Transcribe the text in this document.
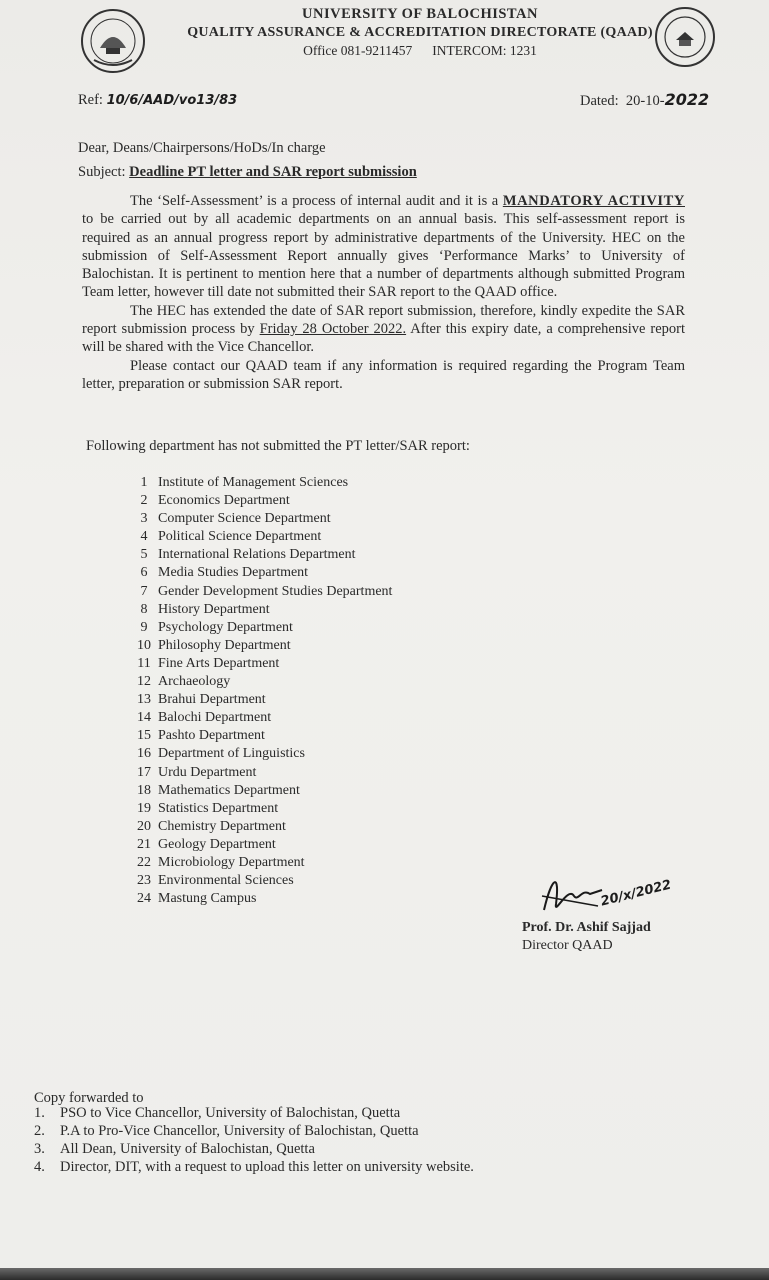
UNIVERSITY OF BALOCHISTAN
QUALITY ASSURANCE & ACCREDITATION DIRECTORATE (QAAD)
Office 081-9211457 INTERCOM: 1231
Ref: 10/6/AAD/vo13/83	Dated: 20-10-2022
Dear, Deans/Chairpersons/HoDs/In charge
Subject: Deadline PT letter and SAR report submission

The ‘Self-Assessment’ is a process of internal audit and it is a MANDATORY ACTIVITY to be carried out by all academic departments on an annual basis. This self-assessment report is required as an annual progress report by administrative departments of the University. HEC on the submission of Self-Assessment Report annually gives ‘Performance Marks’ to University of Balochistan. It is pertinent to mention here that a number of departments although submitted Program Team letter, however till date not submitted their SAR report to the QAAD office.

The HEC has extended the date of SAR report submission, therefore, kindly expedite the SAR report submission process by Friday 28 October 2022. After this expiry date, a comprehensive report will be shared with the Vice Chancellor.

Please contact our QAAD team if any information is required regarding the Program Team letter, preparation or submission SAR report.

Following department has not submitted the PT letter/SAR report:
1 Institute of Management Sciences
2 Economics Department
3 Computer Science Department
4 Political Science Department
5 International Relations Department
6 Media Studies Department
7 Gender Development Studies Department
8 History Department
9 Psychology Department
10 Philosophy Department
11 Fine Arts Department
12 Archaeology
13 Brahui Department
14 Balochi Department
15 Pashto Department
16 Department of Linguistics
17 Urdu Department
18 Mathematics Department
19 Statistics Department
20 Chemistry Department
21 Geology Department
22 Microbiology Department
23 Environmental Sciences
24 Mastung Campus	20/x/2022
Prof. Dr. Ashif Sajjad
Director QAAD
Copy forwarded to
1. PSO to Vice Chancellor, University of Balochistan, Quetta
2. P.A to Pro-Vice Chancellor, University of Balochistan, Quetta
3. All Dean, University of Balochistan, Quetta
4. Director, DIT, with a request to upload this letter on university website.
